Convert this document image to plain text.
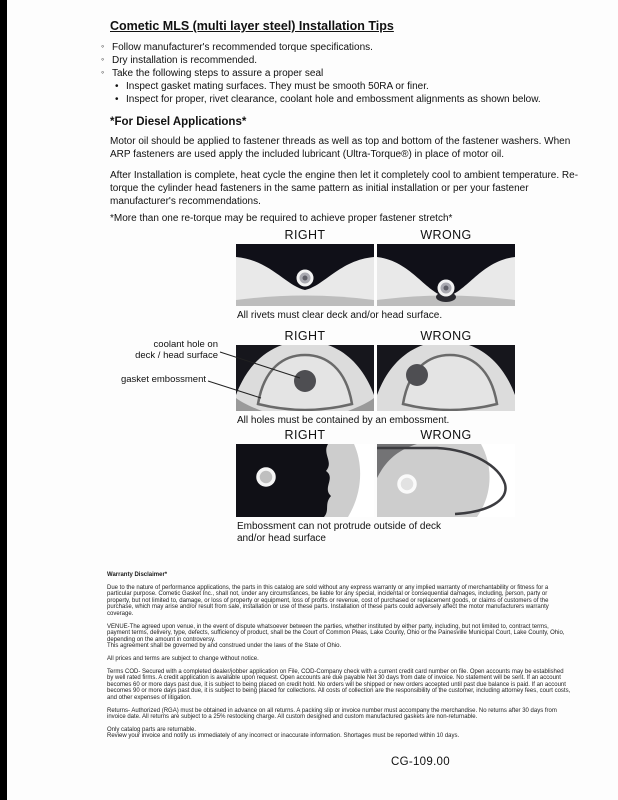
Cometic MLS (multi layer steel) Installation Tips
◦ Follow manufacturer's recommended torque specifications.
◦ Dry installation is recommended.
◦ Take the following steps to assure a proper seal
• Inspect gasket mating surfaces. They must be smooth 50RA or finer.
• Inspect for proper, rivet clearance, coolant hole and embossment alignments as shown below.
*For Diesel Applications*
Motor oil should be applied to fastener threads as well as top and bottom of the fastener washers. When ARP fasteners are used apply the included lubricant (Ultra-Torque®) in place of motor oil.
After Installation is complete, heat cycle the engine then let it completely cool to ambient temperature. Re-torque the cylinder head fasteners in the same pattern as initial installation or per your fastener manufacturer's recommendations.
*More than one re-torque may be required to achieve proper fastener stretch*
RIGHT	WRONG
All rivets must clear deck and/or head surface.
RIGHT	WRONG
All holes must be contained by an embossment.
RIGHT	WRONG
Embossment can not protrude outside of deck
and/or head surface
coolant hole on
deck / head surface
gasket embossment
Warranty Disclaimer*

Due to the nature of performance applications, the parts in this catalog are sold without any express warranty or any implied warranty of merchantability or fitness for a particular purpose. Cometic Gasket Inc., shall not, under any circumstances, be liable for any special, incidental or consequential damages, including, person, party or property, but not limited to, damage, or loss of property or equipment, loss of profits or revenue, cost of purchased or replacement goods, or claims of customers of the purchase, which may arise and/or result from sale, installation or use of these parts. Installation of these parts could adversely affect the motor manufacturers warranty coverage.

VENUE-The agreed upon venue, in the event of dispute whatsoever between the parties, whether instituted by either party, including, but not limited to, contract terms, payment terms, delivery, type, defects, sufficiency of product, shall be the Court of Common Pleas, Lake County, Ohio or the Painesville Municipal Court, Lake County, Ohio, depending on the amount in controversy.

This agreement shall be governed by and construed under the laws of the State of Ohio.

All prices and terms are subject to change without notice.

Terms COD- Secured with a completed dealer/jobber application on File, COD-Company check with a current credit card number on file. Open accounts may be established by well rated firms. A credit application is available upon request. Open accounts are due payable Net 30 days from date of invoice. No statement will be sent. If an account becomes 60 or more days past due, it is subject to being placed on credit hold. No orders will be shipped or new orders accepted until past due balance is paid. If an account becomes 90 or more days past due, it is subject to being placed for collections. All costs of collection are the responsibility of the customer, including attorney fees, court costs, and other expenses of litigation.

Returns- Authorized (RGA) must be obtained in advance on all returns. A packing slip or invoice number must accompany the merchandise. No returns after 30 days from invoice date. All returns are subject to a 25% restocking charge. All custom designed and custom manufactured gaskets are non-returnable.

Only catalog parts are returnable.

Review your invoice and notify us immediately of any incorrect or inaccurate information. Shortages must be reported within 10 days.

CG-109.00
